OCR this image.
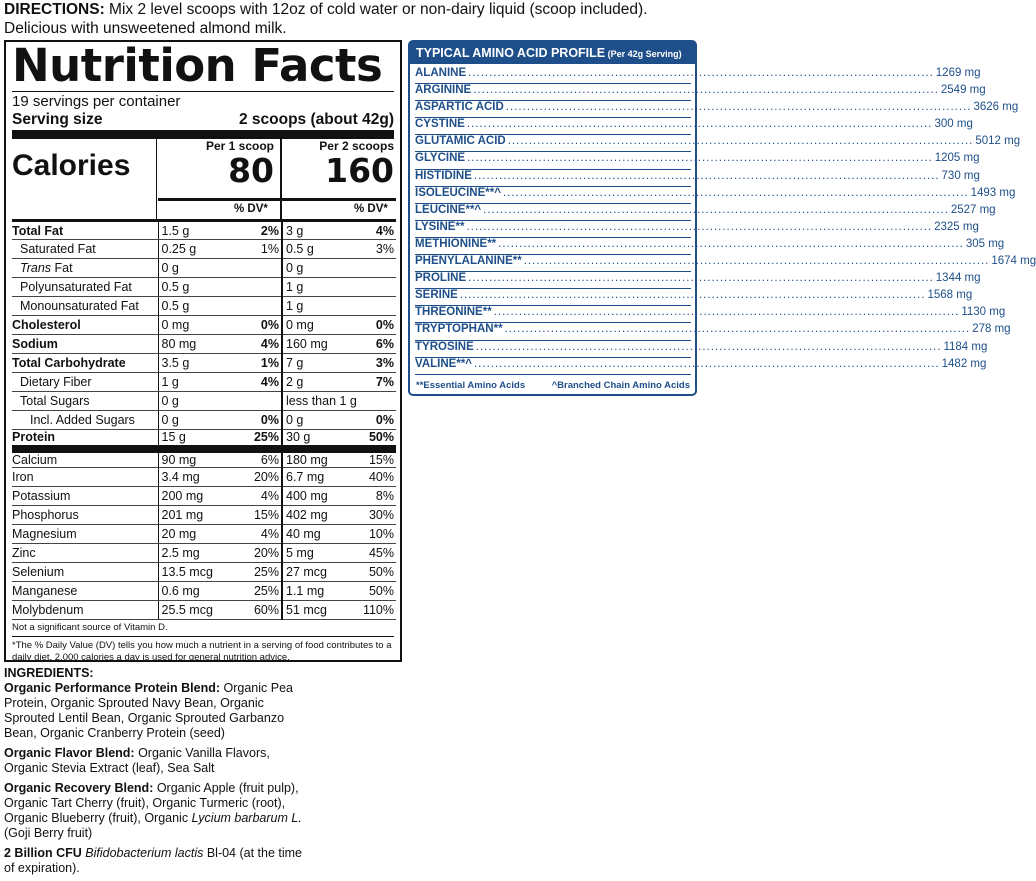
DIRECTIONS: Mix 2 level scoops with 12oz of cold water or non-dairy liquid (scoop included). Delicious with unsweetened almond milk.
Nutrition Facts
19 servings per container
Serving size	2 scoops (about 42g)
Calories
Per 1 scoop
80
Per 2 scoops
160
% DV*	% DV*
Total Fat	1.5 g	2%	3 g	4%
Saturated Fat	0.25 g	1%	0.5 g	3%
Trans Fat	0 g		0 g	
Polyunsaturated Fat	0.5 g		1 g	
Monounsaturated Fat	0.5 g		1 g	
Cholesterol	0 mg	0%	0 mg	0%
Sodium	80 mg	4%	160 mg	6%
Total Carbohydrate	3.5 g	1%	7 g	3%
Dietary Fiber	1 g	4%	2 g	7%
Total Sugars	0 g		less than 1 g	
Incl. Added Sugars	0 g	0%	0 g	0%
Protein	15 g	25%	30 g	50%
Calcium	90 mg	6%	180 mg	15%
Iron	3.4 mg	20%	6.7 mg	40%
Potassium	200 mg	4%	400 mg	8%
Phosphorus	201 mg	15%	402 mg	30%
Magnesium	20 mg	4%	40 mg	10%
Zinc	2.5 mg	20%	5 mg	45%
Selenium	13.5 mcg	25%	27 mcg	50%
Manganese	0.6 mg	25%	1.1 mg	50%
Molybdenum	25.5 mcg	60%	51 mcg	110%
Not a significant source of Vitamin D.
*The % Daily Value (DV) tells you how much a nutrient in a serving of food contributes to a daily diet. 2,000 calories a day is used for general nutrition advice.
TYPICAL AMINO ACID PROFILE (Per 42g Serving)
ALANINE .....	1269 mg
ARGININE .....	2549 mg
ASPARTIC ACID .....	3626 mg
CYSTINE .....	300 mg
GLUTAMIC ACID .....	5012 mg
GLYCINE .....	1205 mg
HISTIDINE .....	730 mg
ISOLEUCINE**^ .....	1493 mg
LEUCINE**^ .....	2527 mg
LYSINE** .....	2325 mg
METHIONINE** .....	305 mg
PHENYLALANINE** .....	1674 mg
PROLINE .....	1344 mg
SERINE .....	1568 mg
THREONINE** .....	1130 mg
TRYPTOPHAN** .....	278 mg
TYROSINE .....	1184 mg
VALINE**^ .....	1482 mg
**Essential Amino Acids	^Branched Chain Amino Acids
INGREDIENTS:

Organic Performance Protein Blend: Organic Pea Protein, Organic Sprouted Navy Bean, Organic Sprouted Lentil Bean, Organic Sprouted Garbanzo Bean, Organic Cranberry Protein (seed)

Organic Flavor Blend: Organic Vanilla Flavors, Organic Stevia Extract (leaf), Sea Salt

Organic Recovery Blend: Organic Apple (fruit pulp), Organic Tart Cherry (fruit), Organic Turmeric (root), Organic Blueberry (fruit), Organic Lycium barbarum L. (Goji Berry fruit)

2 Billion CFU Bifidobacterium lactis Bl-04 (at the time of expiration).
